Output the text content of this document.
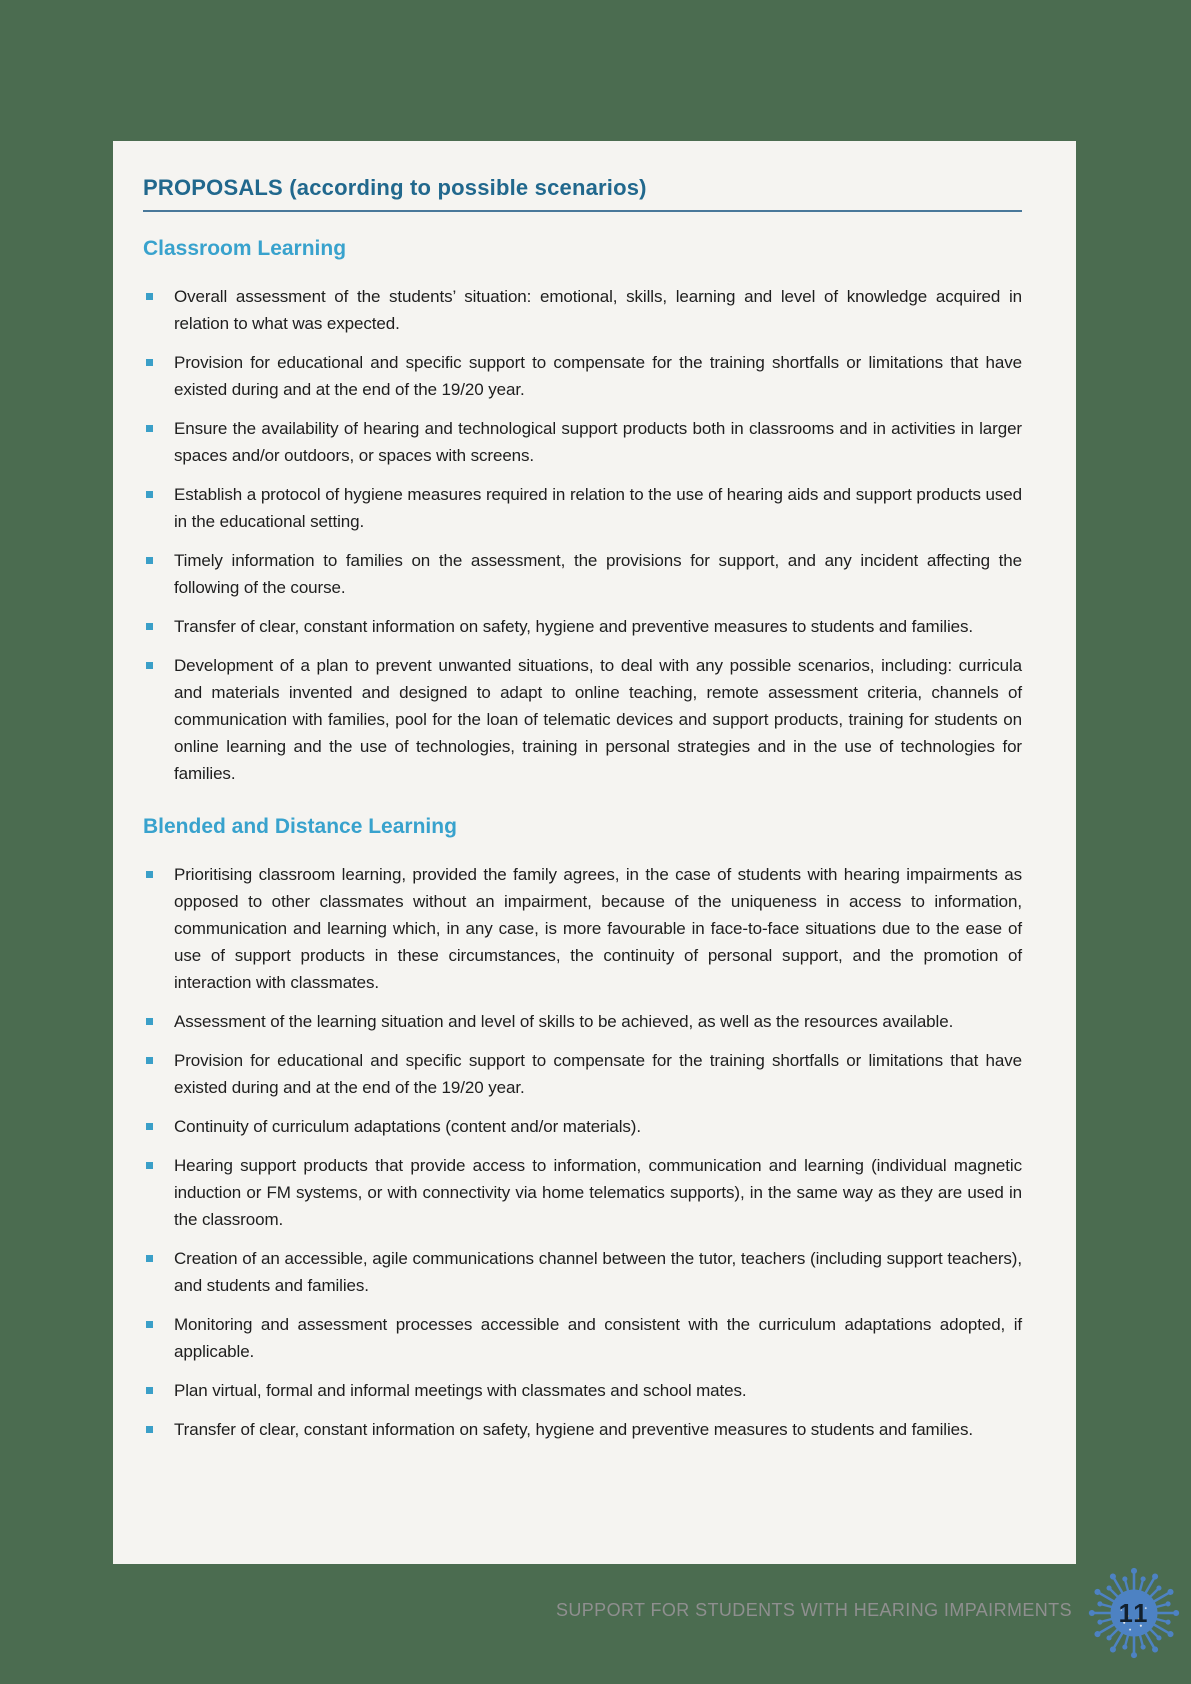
PROPOSALS (according to possible scenarios)
Classroom Learning
Overall assessment of the students’ situation: emotional, skills, learning and level of knowledge acquired in relation to what was expected.
Provision for educational and specific support to compensate for the training shortfalls or limitations that have existed during and at the end of the 19/20 year.
Ensure the availability of hearing and technological support products both in classrooms and in activities in larger spaces and/or outdoors, or spaces with screens.
Establish a protocol of hygiene measures required in relation to the use of hearing aids and support products used in the educational setting.
Timely information to families on the assessment, the provisions for support, and any incident affecting the following of the course.
Transfer of clear, constant information on safety, hygiene and preventive measures to students and families.
Development of a plan to prevent unwanted situations, to deal with any possible scenarios, including: curricula and materials invented and designed to adapt to online teaching, remote assessment criteria, channels of communication with families, pool for the loan of telematic devices and support products, training for students on online learning and the use of technologies, training in personal strategies and in the use of technologies for families.
Blended and Distance Learning
Prioritising classroom learning, provided the family agrees, in the case of students with hearing impairments as opposed to other classmates without an impairment, because of the uniqueness in access to information, communication and learning which, in any case, is more favourable in face-to-face situations due to the ease of use of support products in these circumstances, the continuity of personal support, and the promotion of interaction with classmates.
Assessment of the learning situation and level of skills to be achieved, as well as the resources available.
Provision for educational and specific support to compensate for the training shortfalls or limitations that have existed during and at the end of the 19/20 year.
Continuity of curriculum adaptations (content and/or materials).
Hearing support products that provide access to information, communication and learning (individual magnetic induction or FM systems, or with connectivity via home telematics supports), in the same way as they are used in the classroom.
Creation of an accessible, agile communications channel between the tutor, teachers (including support teachers), and students and families.
Monitoring and assessment processes accessible and consistent with the curriculum adaptations adopted, if applicable.
Plan virtual, formal and informal meetings with classmates and school mates.
Transfer of clear, constant information on safety, hygiene and preventive measures to students and families.
SUPPORT FOR STUDENTS WITH HEARING IMPAIRMENTS 11
